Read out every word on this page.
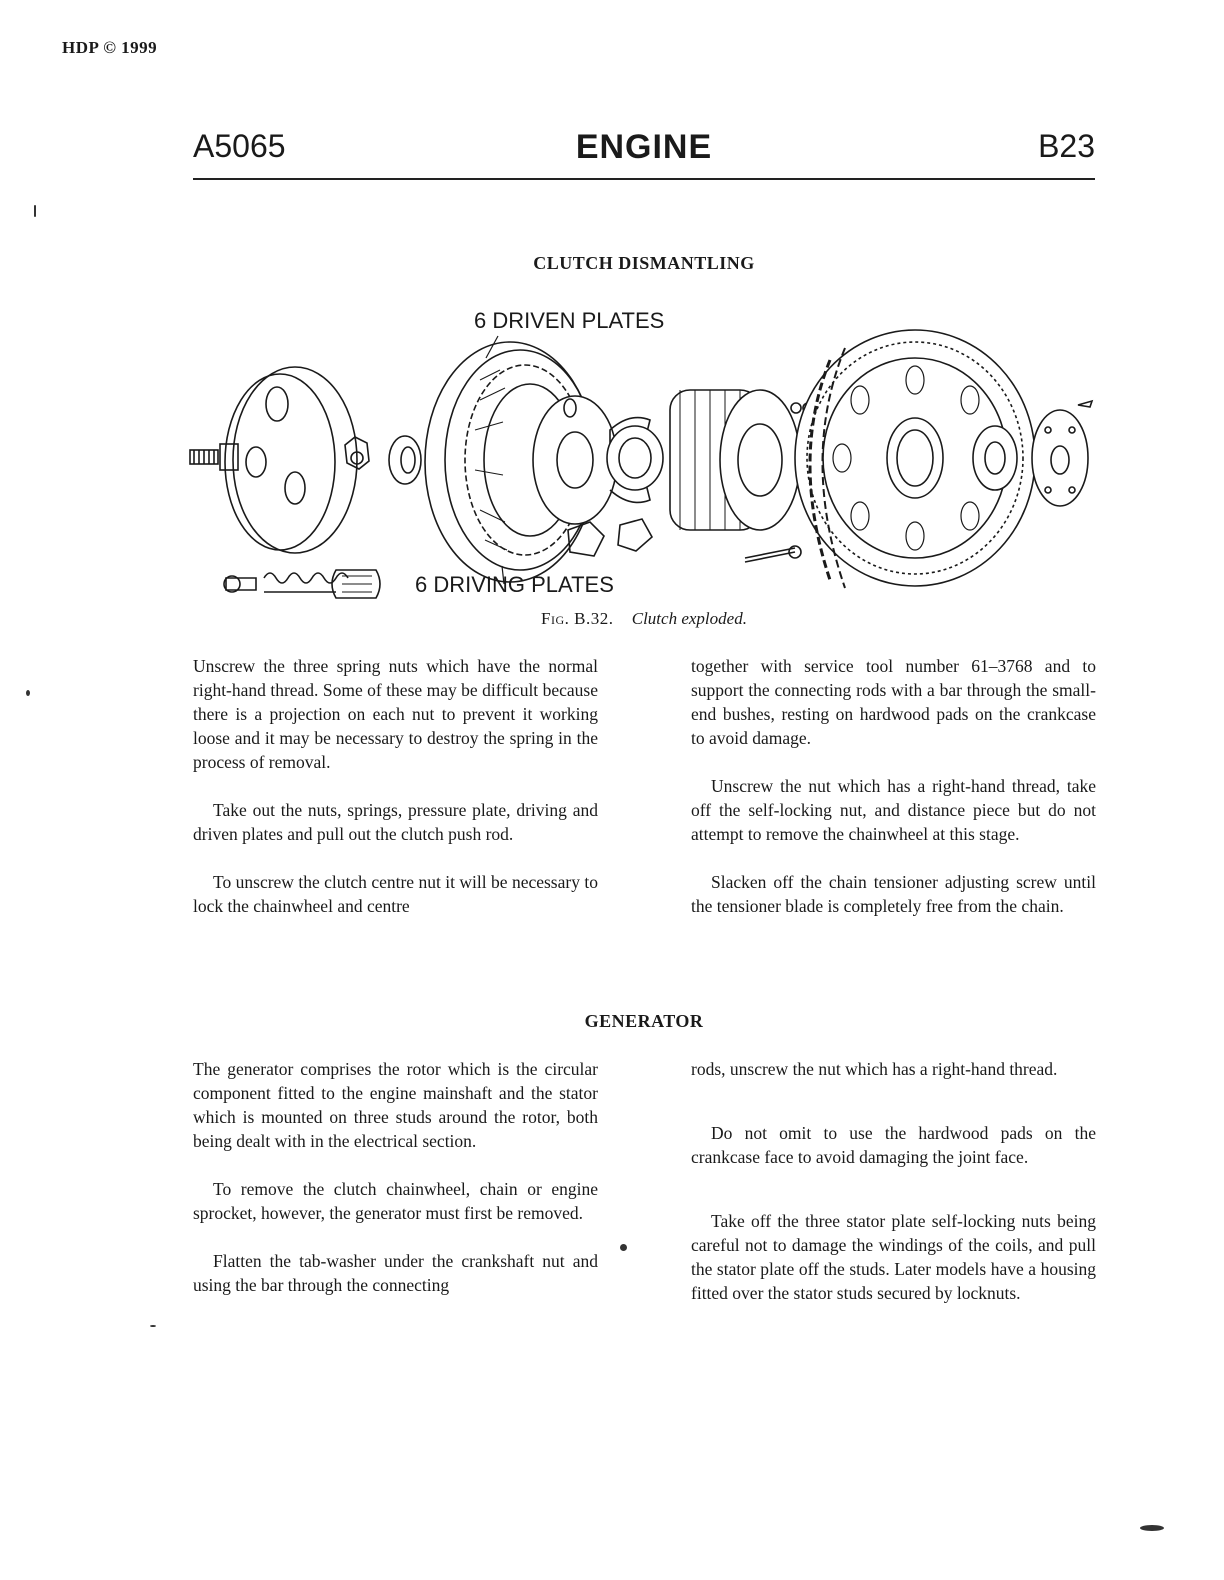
HDP © 1999
A5065	ENGINE	B23
CLUTCH DISMANTLING
6 DRIVEN PLATES
6 DRIVING PLATES
Fig. B.32. Clutch exploded.

Unscrew the three spring nuts which have the normal right-hand thread. Some of these may be difficult because there is a projection on each nut to prevent it working loose and it may be necessary to destroy the spring in the process of removal.

Take out the nuts, springs, pressure plate, driving and driven plates and pull out the clutch push rod.

To unscrew the clutch centre nut it will be necessary to lock the chainwheel and centre

together with service tool number 61–3768 and to support the connecting rods with a bar through the small-end bushes, resting on hardwood pads on the crankcase to avoid damage.

Unscrew the nut which has a right-hand thread, take off the self-locking nut, and distance piece but do not attempt to remove the chainwheel at this stage.

Slacken off the chain tensioner adjusting screw until the tensioner blade is completely free from the chain.

GENERATOR

The generator comprises the rotor which is the circular component fitted to the engine mainshaft and the stator which is mounted on three studs around the rotor, both being dealt with in the electrical section.

To remove the clutch chainwheel, chain or engine sprocket, however, the generator must first be removed.

Flatten the tab-washer under the crankshaft nut and using the bar through the connecting

rods, unscrew the nut which has a right-hand thread.

Do not omit to use the hardwood pads on the crankcase face to avoid damaging the joint face.

Take off the three stator plate self-locking nuts being careful not to damage the windings of the coils, and pull the stator plate off the studs. Later models have a housing fitted over the stator studs secured by locknuts.
